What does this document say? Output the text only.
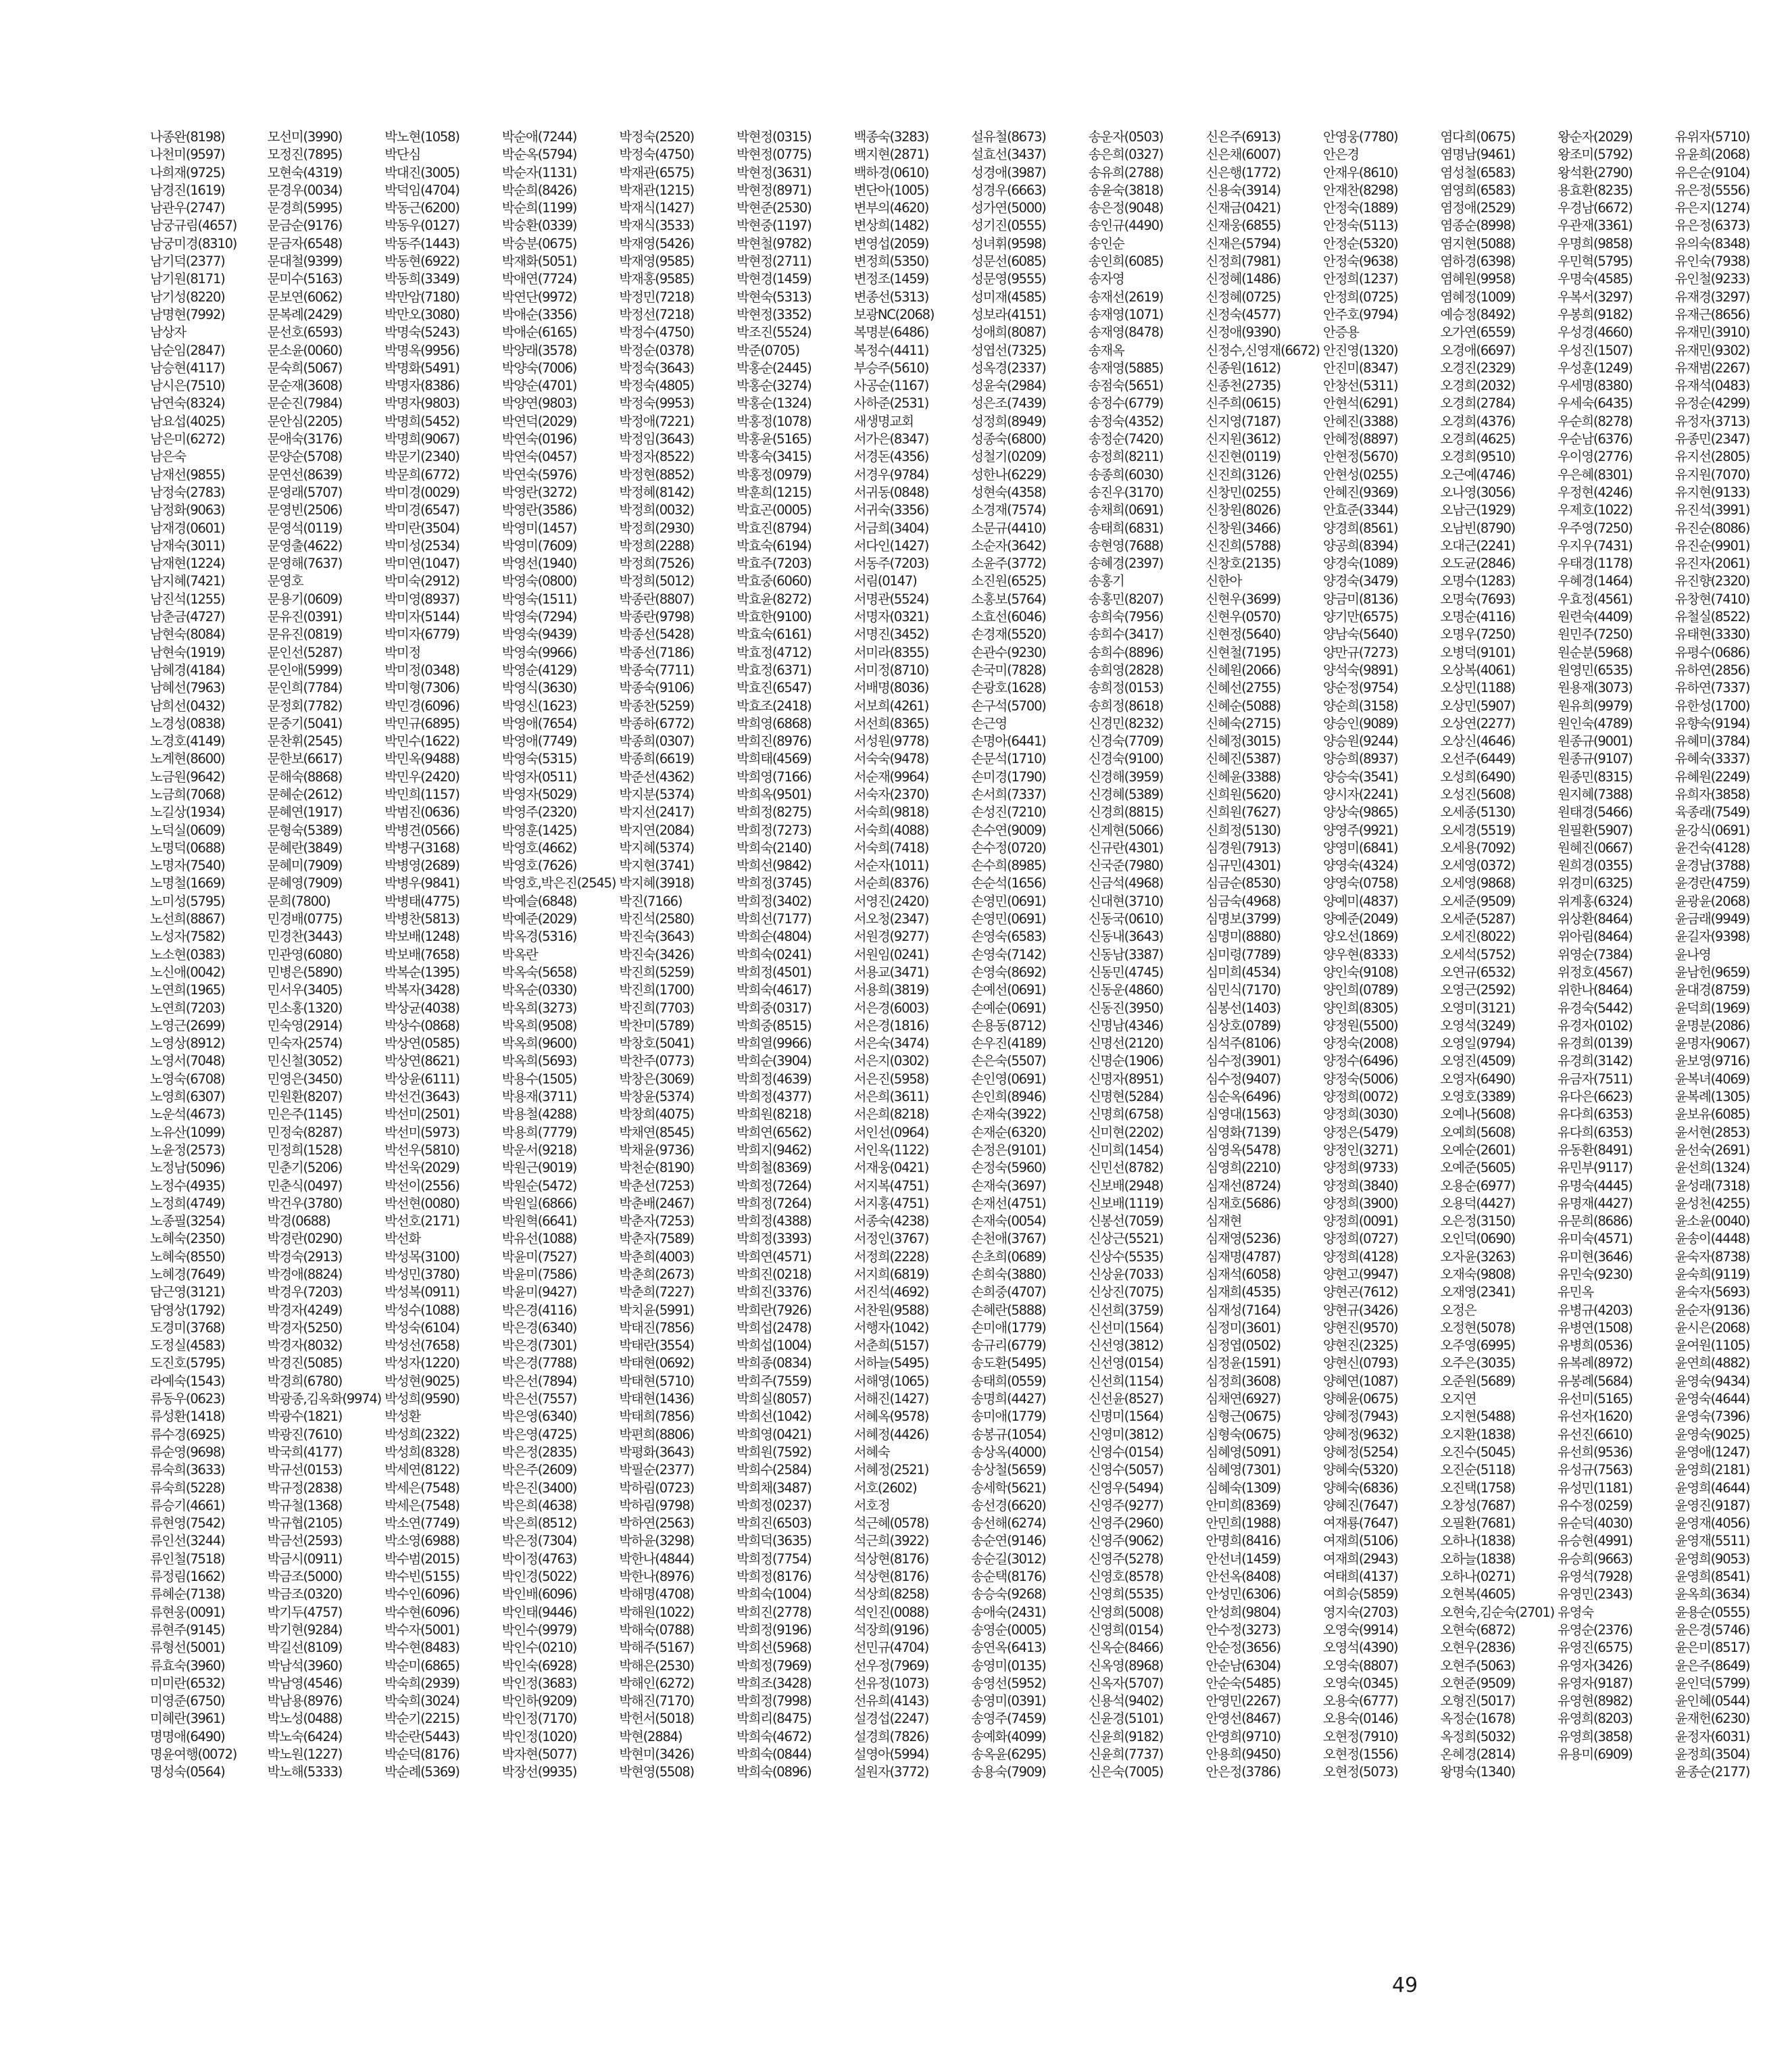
나종완(8198)
나천미(9597)
나희재(9725)
남경진(1619)
남관우(2747)
남궁규림(4657)
남궁미경(8310)
남기덕(2377)
남기원(8171)
남기성(8220)
남명현(7992)
남상자
남순임(2847)
남승현(4117)
남시은(7510)
남연숙(8324)
남요섭(4025)
남은미(6272)
남은숙
남재선(9855)
남정숙(2783)
남정화(9063)
남재경(0601)
남재숙(3011)
남재현(1224)
남지혜(7421)
남진석(1255)
남춘금(4727)
남현숙(8084)
남현숙(1919)
남혜경(4184)
남혜선(7963)
남희선(0432)
노경성(0838)
노경호(4149)
노계현(8600)
노금원(9642)
노금희(7068)
노길상(1934)
노덕실(0609)
노명덕(0688)
노명자(7540)
노명철(1669)
노미성(5795)
노선희(8867)
노성자(7582)
노소현(0383)
노신애(0042)
노연희(1965)
노연희(7203)
노영근(2699)
노영상(8912)
노영서(7048)
노영숙(6708)
노영희(6307)
노운석(4673)
노유산(1099)
노윤정(2573)
노정남(5096)
노정수(4935)
노정희(4749)
노종필(3254)
노혜숙(2350)
노혜숙(8550)
노혜경(7649)
담근영(3121)
담영상(1792)
도경미(3768)
도정실(4583)
도진호(5795)
라예숙(1543)
류동우(0623)
류성환(1418)
류수경(6925)
류순영(9698)
류숙희(3633)
류숙희(5228)
류승기(4661)
류현영(7542)
류인선(3244)
류인철(7518)
류정림(1662)
류혜순(7138)
류현웅(0091)
류현주(9145)
류형선(5001)
류효숙(3960)
미미란(6532)
미영준(6750)
미혜란(3961)
명명애(6490)
명윤여행(0072)
명성숙(0564)
모선미(3990)
모정진(7895)
모현숙(4319)
문경우(0034)
문경희(5995)
문금순(9176)
문금자(6548)
문대철(9399)
문미수(5163)
문보연(6062)
문복례(2429)
문선호(6593)
문소윤(0060)
문숙희(5067)
문순재(3608)
문순진(7984)
문안심(2205)
문애숙(3176)
문양순(5708)
문연선(8639)
문영래(5707)
문영빈(2506)
문영석(0119)
문영출(4622)
문영해(7637)
문영호
문용기(0609)
문유진(0391)
문유진(0819)
문인선(5287)
문인애(5999)
문인희(7784)
문정회(7782)
문중기(5041)
문찬휘(2545)
문한보(6617)
문해숙(8868)
문혜순(2612)
문혜연(1917)
문형숙(5389)
문혜란(3849)
문혜미(7909)
문혜영(7909)
문희(7800)
민경배(0775)
민경찬(3443)
민관영(6080)
민병은(5890)
민서우(3405)
민소홍(1320)
민숙영(2914)
민숙자(2574)
민신철(3052)
민영은(3450)
민원환(8207)
민은주(1145)
민정숙(8287)
민정희(1528)
민춘기(5206)
민춘식(0497)
박건우(3780)
박경(0688)
박경란(0290)
박경숙(2913)
박경애(8824)
박경우(7203)
박경자(4249)
박경자(5250)
박경자(8032)
박경진(5085)
박경희(6780)
박광종,김옥화(9974)
박광수(1821)
박광진(7610)
박국희(4177)
박규선(0153)
박규정(2838)
박규철(1368)
박규협(2105)
박금선(2593)
박금시(0911)
박금조(5000)
박금조(0320)
박기두(4757)
박기현(9284)
박길선(8109)
박남석(3960)
박남영(4546)
박남용(8976)
박노성(0488)
박노숙(6424)
박노원(1227)
박노해(5333)
박노현(1058)
박단심
박대진(3005)
박덕임(4704)
박동근(6200)
박동우(0127)
박동주(1443)
박동현(6922)
박동희(3349)
박만암(7180)
박만오(3080)
박명숙(5243)
박명옥(9956)
박명화(5491)
박명자(8386)
박명자(9803)
박명희(5452)
박명희(9067)
박문기(2340)
박문희(6772)
박미경(0029)
박미경(6547)
박미란(3504)
박미성(2534)
박미연(1047)
박미숙(2912)
박미영(8937)
박미자(5144)
박미자(6779)
박미정
박미정(0348)
박미형(7306)
박민경(6096)
박민규(6895)
박민수(1622)
박민옥(9488)
박민우(2420)
박민희(1157)
박범진(0636)
박병견(0566)
박병구(3168)
박병영(2689)
박병우(9841)
박병태(4775)
박병찬(5813)
박보배(1248)
박보배(7658)
박복순(1395)
박복자(3428)
박상균(4038)
박상수(0868)
박상연(0585)
박상연(8621)
박상윤(6111)
박선건(3643)
박선미(2501)
박선미(5973)
박선우(5810)
박선욱(2029)
박선이(2556)
박선현(0080)
박선호(2171)
박선화
박성목(3100)
박성민(3780)
박성복(0911)
박성수(1088)
박성숙(6104)
박성선(7658)
박성자(1220)
박성현(9025)
박성희(9590)
박성환
박성희(2322)
박성희(8328)
박세연(8122)
박세은(7548)
박세은(7548)
박소연(7749)
박소영(6988)
박수범(2015)
박수빈(5155)
박수인(6096)
박수현(6096)
박수자(5001)
박수현(8483)
박순미(6865)
박숙희(2939)
박숙희(3024)
박순기(2215)
박순란(5443)
박순덕(8176)
박순례(5369)
박순애(7244)
박순옥(5794)
박순자(1131)
박순희(8426)
박순희(1199)
박숭환(0339)
박숭분(0675)
박재화(5051)
박애연(7724)
박연단(9972)
박애순(3356)
박애순(6165)
박양래(3578)
박양숙(7006)
박양순(4701)
박양연(9803)
박연덕(2029)
박연숙(0196)
박연숙(0457)
박연숙(5976)
박영란(3272)
박영란(3586)
박영미(1457)
박영미(7609)
박영선(1940)
박영숙(0800)
박영숙(1511)
박영숙(7294)
박영숙(9439)
박영숙(9966)
박영순(4129)
박영식(3630)
박영신(1623)
박영애(7654)
박영애(7749)
박영숙(5315)
박영자(0511)
박영자(5029)
박영주(2320)
박영훈(1425)
박영호(4662)
박영호(7626)
박영호,박은진(2545)
박예슬(6848)
박예준(2029)
박옥경(5316)
박옥란
박옥숙(5658)
박옥순(0330)
박옥희(3273)
박옥희(9508)
박옥희(9600)
박옥희(5693)
박용수(1505)
박용재(3711)
박용철(4288)
박용희(7779)
박운서(9218)
박원근(9019)
박원순(5472)
박원일(6866)
박원혁(6641)
박유선(1088)
박윤미(7527)
박윤미(7586)
박윤미(9427)
박은경(4116)
박은경(6340)
박은경(7301)
박은경(7788)
박은선(7894)
박은선(7557)
박은영(6340)
박은영(4725)
박은정(2835)
박은주(2609)
박은진(3400)
박은희(4638)
박은희(8512)
박은정(7304)
박이정(4763)
박인경(5022)
박인배(6096)
박인태(9446)
박인수(9979)
박인수(0210)
박인숙(6928)
박인정(3683)
박인하(9209)
박인정(7170)
박인정(1020)
박자현(5077)
박장선(9935)
박정숙(2520)
박정숙(4750)
박재관(6575)
박재관(1215)
박재식(1427)
박재식(3533)
박재영(5426)
박재영(9585)
박재홍(9585)
박정민(7218)
박정선(7218)
박정수(4750)
박정순(0378)
박정숙(3643)
박정숙(4805)
박정숙(9953)
박정애(7221)
박정임(3643)
박정자(8522)
박정현(8852)
박정혜(8142)
박정희(0032)
박정희(2930)
박정희(2288)
박정희(7526)
박정희(5012)
박종란(8807)
박종란(9798)
박종선(5428)
박종선(7186)
박종숙(7711)
박종숙(9106)
박종찬(5259)
박종하(6772)
박종희(0307)
박종희(6619)
박준선(4362)
박지분(5374)
박지선(2417)
박지연(2084)
박지혜(5374)
박지현(3741)
박지혜(3918)
박진(7166)
박진석(2580)
박진숙(3643)
박진숙(3426)
박진희(5259)
박진희(1700)
박진희(7703)
박찬미(5789)
박창호(5041)
박찬주(0773)
박창은(3069)
박창윤(5374)
박창희(4075)
박채연(8545)
박채윤(9736)
박천순(8190)
박춘선(7253)
박춘배(2467)
박춘자(7253)
박춘자(7589)
박춘희(4003)
박춘희(2673)
박춘희(7227)
박치윤(5991)
박태진(7856)
박태란(3554)
박태현(0692)
박태현(5710)
박태현(1436)
박태희(7856)
박편희(8806)
박평화(3643)
박필순(2377)
박하림(0723)
박하림(9798)
박하연(2563)
박하윤(3298)
박한나(4844)
박한나(8976)
박해명(4708)
박해원(1022)
박해숙(0788)
박해주(5167)
박해은(2530)
박해인(6272)
박해진(7170)
박헌서(5018)
박현(2884)
박현미(3426)
박현영(5508)
박현정(0315)
박현정(0775)
박현정(3631)
박현정(8971)
박현준(2530)
박현중(1197)
박현철(9782)
박현정(2711)
박현경(1459)
박현숙(5313)
박현정(3352)
박조진(5524)
박준(0705)
박홍순(2445)
박홍순(3274)
박홍순(1324)
박홍정(1078)
박홍윤(5165)
박홍숙(3415)
박홍정(0979)
박훈희(1215)
박효곤(0005)
박효진(8794)
박효숙(6194)
박효주(7203)
박효중(6060)
박효윤(8272)
박효한(9100)
박효숙(6161)
박효정(4712)
박효정(6371)
박효진(6547)
박효조(2418)
박희영(6868)
박희진(8976)
박희태(4569)
박희영(7166)
박희옥(9501)
박희정(8275)
박희정(7273)
박희숙(2140)
박희선(9842)
박희정(3745)
박희정(3402)
박희선(7177)
박희순(4804)
박희숙(0241)
박희정(4501)
박희숙(4617)
박희중(0317)
박희중(8515)
박희열(9966)
박희순(3904)
박희정(4639)
박희정(4377)
박희원(8218)
박희연(6562)
박희지(9462)
박희철(8369)
박희정(7264)
박희정(7264)
박희정(4388)
박희정(3393)
박희연(4571)
박희진(0218)
박희진(3376)
박희란(7926)
박희섭(2478)
박희섭(1004)
박희종(0834)
박희주(7559)
박희실(8057)
박희선(1042)
박희영(0421)
박희원(7592)
박희수(2584)
박희채(3487)
박희정(0237)
박희진(6503)
박희덕(3635)
박희정(7754)
박희정(8176)
박희숙(1004)
박희진(2778)
박희정(9196)
박희선(5968)
박희정(7969)
박희조(3428)
박희정(7998)
박희리(8475)
박희숙(4672)
박희숙(0844)
박희숙(0896)
백종숙(3283)
백지현(2871)
백하경(0610)
변단아(1005)
변부의(4620)
변상희(1482)
변영섭(2059)
변정희(5350)
변정조(1459)
변종선(5313)
보광NC(2068)
복명분(6486)
복정수(4411)
부승주(5610)
사공순(1167)
사하준(2531)
새생명교회
서가은(8347)
서경돈(4356)
서경우(9784)
서귀동(0848)
서귀숙(3356)
서금희(3404)
서다인(1427)
서동주(7203)
서림(0147)
서명관(5524)
서명자(0321)
서명진(3452)
서미라(8355)
서미정(8710)
서배명(8036)
서보희(4261)
서선희(8365)
서성원(9778)
서숙숙(9478)
서순재(9964)
서숙자(2370)
서숙희(9818)
서숙희(4088)
서숙희(7418)
서순자(1011)
서순희(8376)
서영진(2420)
서오청(2347)
서원경(9277)
서원임(0241)
서용교(3471)
서용희(3819)
서은경(6003)
서은경(1816)
서은숙(3474)
서은지(0302)
서은진(5958)
서은희(3611)
서은희(8218)
서인선(0964)
서인옥(1122)
서재웅(0421)
서지복(4751)
서지홍(4751)
서종숙(4238)
서정인(3767)
서정희(2228)
서지희(6819)
서진석(4692)
서찬원(9588)
서행자(1042)
서춘희(5157)
서하늘(5495)
서해영(1065)
서해진(1427)
서혜옥(9578)
서혜정(4426)
서혜숙
서혜정(2521)
서호(2602)
서호정
석근혜(0578)
석근희(3922)
석상현(8176)
석상현(8176)
석상희(8258)
석인진(0088)
석장희(9196)
선민규(4704)
선우정(7969)
선유정(1073)
선유희(4143)
설경섭(2247)
설경희(7826)
설영아(5994)
설원자(3772)
설유철(8673)
설효선(3437)
성경애(3987)
성경우(6663)
성가연(5000)
성기진(0555)
성녀휘(9598)
성문선(6085)
성문영(9555)
성미재(4585)
성보라(4151)
성애희(8087)
성엽선(7325)
성옥경(2337)
성윤숙(2984)
성은조(7439)
성정희(8949)
성종숙(6800)
성철기(0209)
성한나(6229)
성현숙(4358)
소경재(7574)
소문규(4410)
소순자(3642)
소윤주(3772)
소진원(6525)
소홍보(5764)
소효선(6046)
손경재(5520)
손관수(9230)
손국미(7828)
손광호(1628)
손구석(5700)
손근영
손명아(6441)
손문석(1710)
손미경(1790)
손서희(7337)
손성진(7210)
손수연(9009)
손수정(0720)
손수희(8985)
손순석(1656)
손영민(0691)
손영민(0691)
손영숙(6583)
손영숙(7142)
손영숙(8692)
손예선(0691)
손예순(0691)
손용동(8712)
손우진(4189)
손은숙(5507)
손인영(0691)
손인희(8946)
손재숙(3922)
손재순(6320)
손정은(9101)
손정숙(5960)
손재숙(3697)
손재선(4751)
손재숙(0054)
손천애(3767)
손초희(0689)
손희숙(3880)
손희중(4707)
손혜란(5888)
손미애(1779)
송규리(6779)
송도환(5495)
송태희(0559)
송명희(4427)
송미애(1779)
송봉규(1054)
송상옥(4000)
송상철(5659)
송세학(5621)
송선경(6620)
송선해(6274)
송순연(9146)
송순길(3012)
송순택(8176)
송승숙(9268)
송애숙(2431)
송영순(0005)
송연옥(6413)
송영미(0135)
송영선(5952)
송영미(0391)
송영주(7459)
송예화(4099)
송옥윤(6295)
송용숙(7909)
송운자(0503)
송은희(0327)
송유희(2788)
송윤숙(3818)
송은정(9048)
송인규(4490)
송인순
송인희(6085)
송자영
송재선(2619)
송재영(1071)
송재영(8478)
송재옥
송재영(5885)
송점숙(5651)
송정수(6779)
송정숙(4352)
송정순(7420)
송정희(8211)
송종희(6030)
송진우(3170)
송채희(0691)
송태희(6831)
송현영(7688)
송혜경(2397)
송홍기
송홍민(8207)
송희숙(7956)
송희수(3417)
송희수(8896)
송희영(2828)
송희정(0153)
송희정(8618)
신경민(8232)
신경숙(7709)
신경숙(9100)
신경해(3959)
신경혜(5389)
신경희(8815)
신계현(5066)
신규란(4301)
신국준(7980)
신금석(4968)
신대현(3710)
신동국(0610)
신동내(3643)
신동남(3387)
신동민(4745)
신동운(4860)
신동진(3950)
신명남(4346)
신명선(2120)
신명순(1906)
신명자(8951)
신명현(5284)
신명희(6758)
신미현(2202)
신미희(1454)
신민선(8782)
신보배(2948)
신보배(1119)
신봉선(7059)
신상근(5521)
신상수(5535)
신상윤(7033)
신상진(7075)
신선희(3759)
신선미(1564)
신선영(3812)
신선영(0154)
신선희(1154)
신선윤(8527)
신명미(1564)
신영미(3812)
신영수(0154)
신영수(5057)
신영우(5494)
신영주(9277)
신영주(2960)
신영주(9062)
신영주(5278)
신영호(8578)
신영희(5535)
신영희(5008)
신영희(0154)
신옥순(8466)
신옥영(8968)
신옥자(5707)
신용석(9402)
신윤경(5101)
신윤희(9182)
신윤희(7737)
신은숙(7005)
신은주(6913)
신은채(6007)
신은행(1772)
신용숙(3914)
신재금(0421)
신재웅(6855)
신재은(5794)
신정희(7981)
신정혜(1486)
신정혜(0725)
신정숙(4577)
신정애(9390)
신정수,신영재(6672)
신종원(1612)
신종천(2735)
신주희(0615)
신지영(7187)
신지원(3612)
신진현(0119)
신진희(3126)
신창민(0255)
신창원(8026)
신창원(3466)
신진희(5788)
신창호(2135)
신한아
신현우(3699)
신현우(0570)
신현정(5640)
신현철(7195)
신혜원(2066)
신혜선(2755)
신혜순(5088)
신혜숙(2715)
신혜정(3015)
신혜진(5387)
신혜윤(3388)
신희원(5620)
신희원(7627)
신희정(5130)
심경원(7913)
심규민(4301)
심금순(8530)
심금숙(4968)
심명보(3799)
심명미(8880)
심미령(7789)
심미희(4534)
심민식(7170)
심봉선(1403)
심상호(0789)
심석주(8106)
심수정(3901)
심수정(9407)
심순옥(6496)
심영대(1563)
심영화(7139)
심영옥(5478)
심영희(2210)
심재선(8724)
심재호(5686)
심재현
심재영(5236)
심재명(4787)
심재석(6058)
심재희(4535)
심재성(7164)
심정미(3601)
심정엽(0502)
심정윤(1591)
심정희(3608)
심채연(6927)
심형근(0675)
심형숙(0675)
심혜영(5091)
심혜영(7301)
심혜숙(1309)
안미희(8369)
안민희(1988)
안명희(8416)
안선녀(1459)
안선옥(8408)
안성민(6306)
안성희(9804)
안수정(3273)
안순정(3656)
안순남(6304)
안순숙(5485)
안영민(2267)
안영선(8467)
안영희(9710)
안용희(9450)
안은정(3786)
안영웅(7780)
안은경
안재우(8610)
안재찬(8298)
안정숙(1889)
안정숙(5113)
안정순(5320)
안정숙(9638)
안정희(1237)
안정희(0725)
안주호(9794)
안증용
안진영(1320)
안진미(8347)
안창선(5311)
안현석(6291)
안혜진(3388)
안혜정(8897)
안현정(5670)
안현성(0255)
안혜진(9369)
안효준(3344)
양경희(8561)
양공희(8394)
양경숙(1089)
양경숙(3479)
양금미(8136)
양기만(6575)
양남숙(5640)
양만규(7273)
양석숙(9891)
양순정(9754)
양순희(3158)
양승인(9089)
양승원(9244)
양승희(8937)
양승숙(3541)
양시자(2241)
양상숙(9865)
양영주(9921)
양영미(6841)
양영숙(4324)
양영숙(0758)
양예미(4837)
양예준(2049)
양오선(1869)
양우현(8333)
양인숙(9108)
양인희(0789)
양인희(8305)
양정원(5500)
양정숙(2008)
양정수(6496)
양정숙(5006)
양정희(0072)
양정희(3030)
양정은(5479)
양정인(3271)
양정희(9733)
양정희(3840)
양정희(3900)
양정희(0091)
양정희(0727)
양정희(4128)
양현고(9947)
양현곤(7612)
양현규(3426)
양현진(9570)
양현진(2325)
양현신(0793)
양혜연(1087)
양혜윤(0675)
양혜정(7943)
양혜정(9632)
양혜정(5254)
양혜숙(5320)
양혜숙(6836)
양혜진(7647)
여재룡(7647)
여재희(5106)
여재희(2943)
여태희(4137)
여희승(5859)
영지숙(2703)
오영숙(9914)
오영석(4390)
오영숙(8807)
오영숙(0345)
오용숙(6777)
오용숙(0146)
오현정(7910)
오현정(1556)
오현정(5073)
염다희(0675)
염명남(9461)
염성철(6583)
염영희(6583)
염정애(2529)
염종순(8998)
염지현(5088)
염하경(6398)
염혜원(9958)
염혜정(1009)
예승정(8492)
오가연(6559)
오경애(6697)
오경진(2329)
오경희(2032)
오경희(2784)
오경희(4376)
오경희(4625)
오경희(9510)
오근예(4746)
오나영(3056)
오남근(1929)
오남빈(8790)
오대근(2241)
오도균(2846)
오명수(1283)
오명숙(7693)
오명순(4116)
오명우(7250)
오병덕(9101)
오상복(4061)
오상민(1188)
오상민(5907)
오상연(2277)
오상신(4646)
오선주(6449)
오성희(6490)
오성진(5608)
오세종(5130)
오세경(5519)
오세용(7092)
오세영(0372)
오세영(9868)
오세준(9509)
오세준(5287)
오세진(8022)
오세석(5752)
오연규(6532)
오영근(2592)
오영미(3121)
오영석(3249)
오영일(9794)
오영진(4509)
오영자(6490)
오영호(3389)
오예나(5608)
오예희(5608)
오예순(2601)
오예준(5605)
오용순(6977)
오용덕(4427)
오은정(3150)
오인덕(0690)
오자윤(3263)
오재숙(9808)
오재영(2341)
오정은
오정현(5078)
오주영(6995)
오주은(3035)
오준원(5689)
오지연
오지현(5488)
오지환(1838)
오진수(5045)
오진순(5118)
오진택(1758)
오창성(7687)
오필환(7681)
오하나(1838)
오하늘(1838)
오하나(0271)
오현복(4605)
오현숙,김순숙(2701)
오현숙(6872)
오현우(2836)
오현주(5063)
오현준(9509)
오형진(5017)
옥정순(1678)
옥정희(5032)
온혜경(2814)
왕명숙(1340)
왕순자(2029)
왕조미(5792)
왕석환(2790)
용효환(8235)
우경남(6672)
우관재(3361)
우명희(9858)
우민혁(5795)
우명숙(4585)
우복서(3297)
우봉희(9182)
우성경(4660)
우성진(1507)
우성훈(1249)
우세명(8380)
우세숙(6435)
우순희(8278)
우순남(6376)
우이영(2776)
우은혜(8301)
우정현(4246)
우제호(1022)
우주영(7250)
우지우(7431)
우태경(1178)
우혜경(1464)
우효정(4561)
원련숙(4409)
원민주(7250)
원순분(5968)
원영민(6535)
원용재(3073)
원유희(9979)
원인숙(4789)
원종규(9001)
원종규(9107)
원종민(8315)
원지혜(7388)
원태경(5466)
원필환(5907)
원혜진(0667)
원희경(0355)
위경미(6325)
위계홍(6324)
위상환(8464)
위아림(8464)
위영순(7384)
위정호(4567)
위한나(8464)
유경숙(5442)
유경자(0102)
유경희(0139)
유경희(3142)
유금자(7511)
유다은(6623)
유다희(6353)
유다희(6353)
유동환(8491)
유민부(9117)
유명숙(4445)
유명재(4427)
유문희(8686)
유미숙(4571)
유미현(3646)
유민숙(9230)
유민옥
유병규(4203)
유병연(1508)
유병희(0536)
유복례(8972)
유봉례(5684)
유선미(5165)
유선자(1620)
유선진(6610)
유선희(9536)
유성규(7563)
유성민(1181)
유수정(0259)
유순덕(4030)
유승현(4991)
유승희(9663)
유영석(7928)
유영민(2343)
유영숙
유영순(2376)
유영진(6575)
유영자(3426)
유영자(9187)
유영현(8982)
유영희(8203)
유영희(3858)
유용미(6909)
유위자(5710)
유윤희(2068)
유은순(9104)
유은정(5556)
유은지(1274)
유은정(6373)
유의숙(8348)
유인숙(7938)
유인철(9233)
유재경(3297)
유재근(8656)
유재민(3910)
유재민(9302)
유재범(2267)
유재석(0483)
유정순(4299)
유정자(3713)
유종민(2347)
유지선(2805)
유지원(7070)
유지현(9133)
유진석(3991)
유진순(8086)
유진순(9901)
유진자(2061)
유진향(2320)
유창현(7410)
유철실(8522)
유태현(3330)
유평수(0686)
유하연(2856)
유하연(7337)
유한성(1700)
유향숙(9194)
유혜미(3784)
유혜숙(3337)
유혜원(2249)
유희자(3858)
육종래(7549)
윤강식(0691)
윤건숙(4128)
윤경남(3788)
윤경란(4759)
윤광윤(2068)
윤금래(9949)
윤길자(9398)
윤나영
윤남헌(9659)
윤대경(8759)
윤덕희(1969)
윤명분(2086)
윤명자(9067)
윤보영(9716)
윤복녀(4069)
윤복례(1305)
윤보유(6085)
윤서현(2853)
윤선숙(2691)
윤선희(1324)
윤성래(7318)
윤성천(4255)
윤소윤(0040)
윤송이(4448)
윤숙자(8738)
윤숙희(9119)
윤숙자(5693)
윤순자(9136)
윤시은(2068)
윤여원(1105)
윤연희(4882)
윤영숙(9434)
윤영숙(4644)
윤영숙(7396)
윤영숙(9025)
윤영애(1247)
윤영희(2181)
윤영희(4644)
윤영진(9187)
윤영재(4056)
윤영재(5511)
윤영희(9053)
윤영희(8541)
윤옥희(3634)
윤용순(0555)
윤은경(5746)
윤은미(8517)
윤은주(8649)
윤인덕(5799)
윤인혜(0544)
윤재헌(6230)
윤정자(6031)
윤정희(3504)
윤종순(2177)
49
